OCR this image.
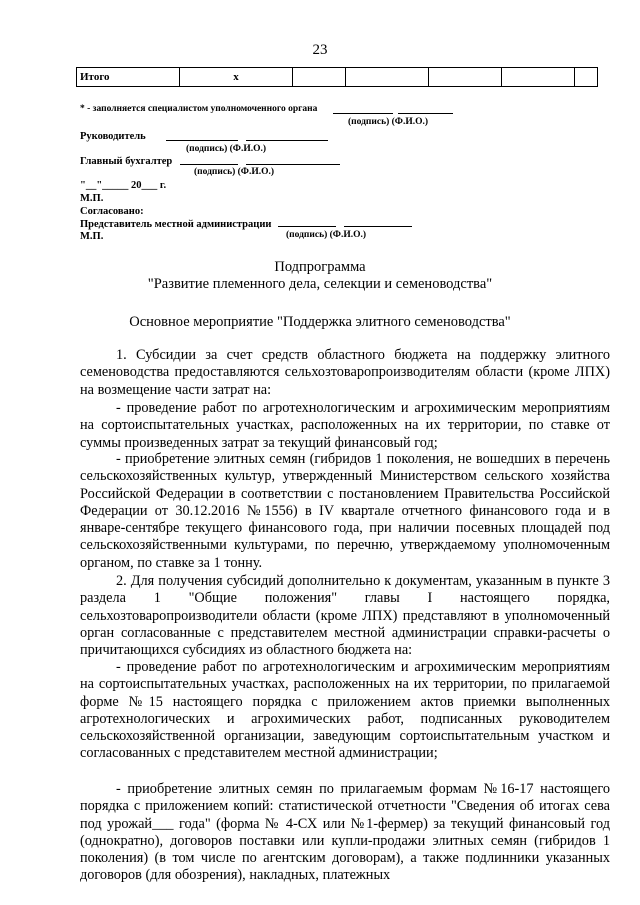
23
Итого	x					
* - заполняется специалистом уполномоченного органа
(подпись) (Ф.И.О.)
Руководитель
(подпись) (Ф.И.О.)
Главный бухгалтер
(подпись) (Ф.И.О.)
"__"_____ 20___ г.
М.П.
Согласовано:
Представитель местной администрации
М.П.	(подпись) (Ф.И.О.)
Подпрограмма
"Развитие племенного дела, селекции и семеноводства"
Основное мероприятие "Поддержка элитного семеноводства"

1. Субсидии за счет средств областного бюджета на поддержку элитного семеноводства предоставляются сельхозтоваропроизводителям области (кроме ЛПХ) на возмещение части затрат на:

- проведение работ по агротехнологическим и агрохимическим мероприятиям на сортоиспытательных участках, расположенных на их территории, по ставке от суммы произведенных затрат за текущий финансовый год;

- приобретение элитных семян (гибридов 1 поколения, не вошедших в перечень сельскохозяйственных культур, утвержденный Министерством сельского хозяйства Российской Федерации в соответствии с постановлением Правительства Российской Федерации от 30.12.2016 №1556) в IV квартале отчетного финансового года и в январе-сентябре текущего финансового года, при наличии посевных площадей под сельскохозяйственными культурами, по перечню, утверждаемому уполномоченным органом, по ставке за 1 тонну.

2. Для получения субсидий дополнительно к документам, указанным в пункте 3 раздела 1 "Общие положения" главы I настоящего порядка, сельхозтоваропроизводители области (кроме ЛПХ) представляют в уполномоченный орган согласованные с представителем местной администрации справки-расчеты о причитающихся субсидиях из областного бюджета на:

- проведение работ по агротехнологическим и агрохимическим мероприятиям на сортоиспытательных участках, расположенных на их территории, по прилагаемой форме №15 настоящего порядка с приложением актов приемки выполненных агротехнологических и агрохимических работ, подписанных руководителем сельскохозяйственной организации, заведующим сортоиспытательным участком и согласованных с представителем местной администрации;

- приобретение элитных семян по прилагаемым формам №16-17 настоящего порядка с приложением копий: статистической отчетности "Сведения об итогах сева под урожай___ года" (форма № 4-СХ или №1-фермер) за текущий финансовый год (однократно), договоров поставки или купли-продажи элитных семян (гибридов 1 поколения) (в том числе по агентским договорам), а также подлинники указанных договоров (для обозрения), накладных, платежных
